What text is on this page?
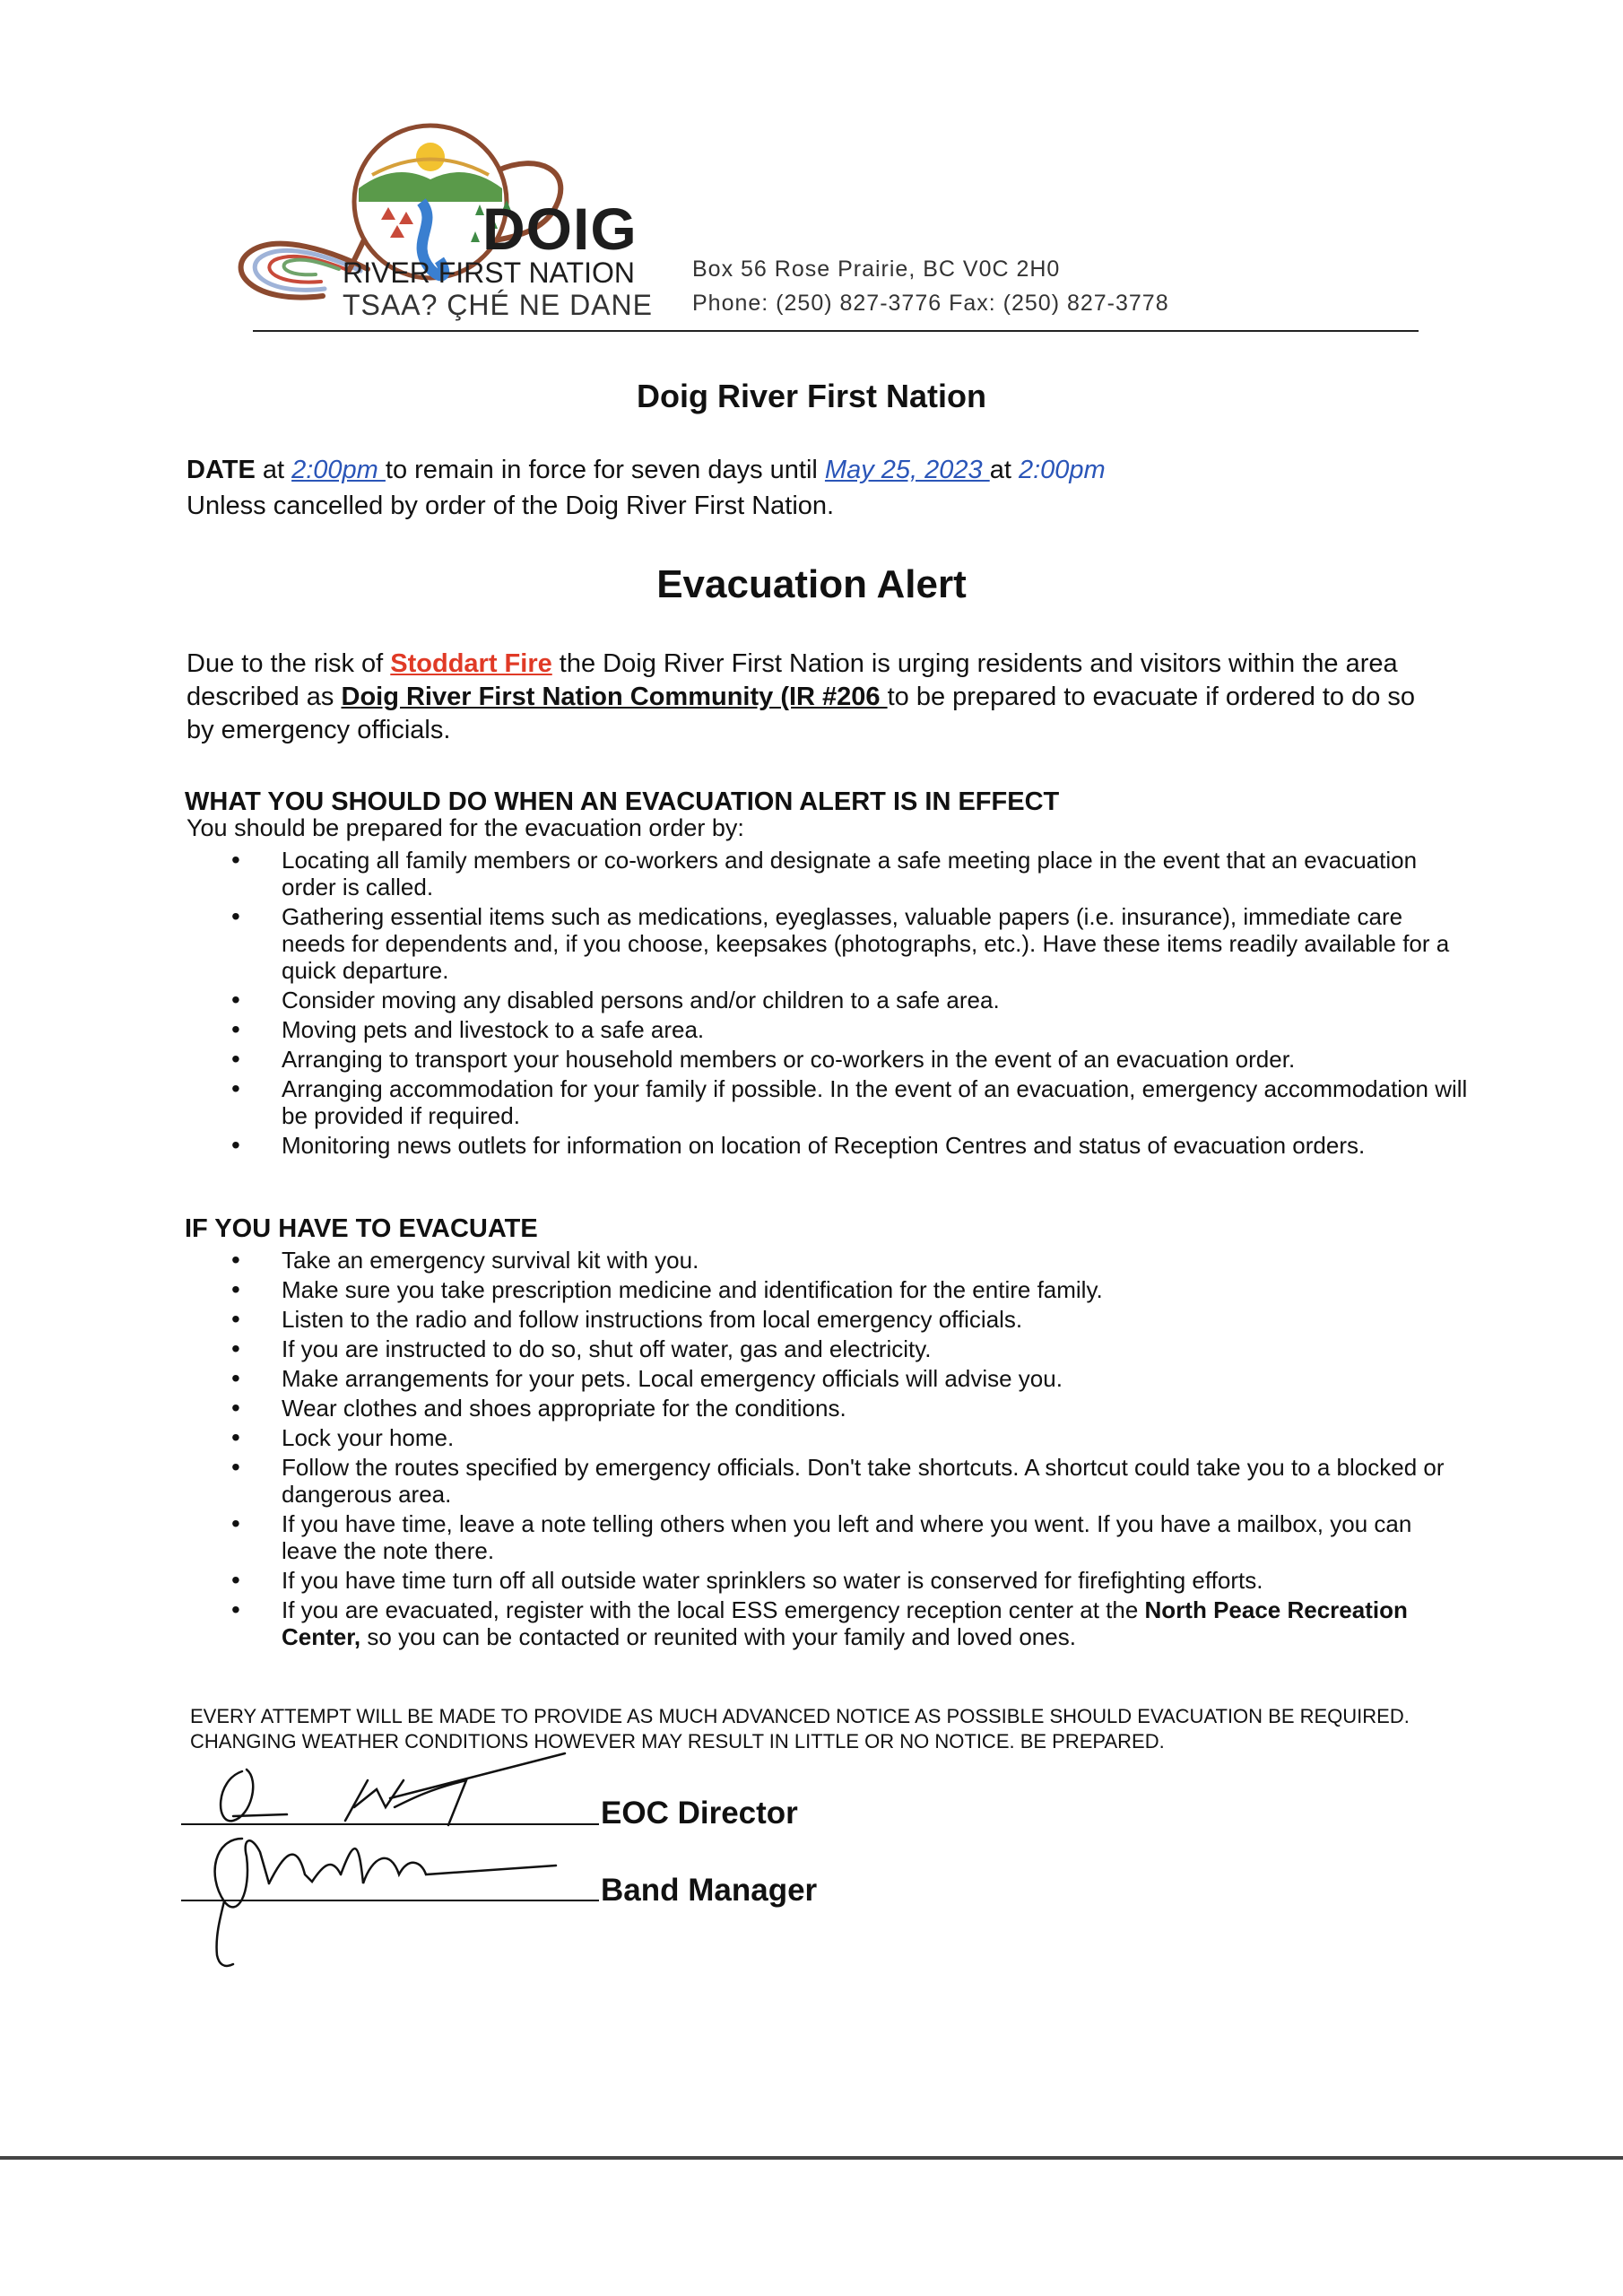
DOIG
RIVER FIRST NATION
TSAA? ÇHÉ NE DANE
Box 56 Rose Prairie, BC V0C 2H0
Phone: (250) 827-3776 Fax: (250) 827-3778
Doig River First Nation
DATE at 2:00pm to remain in force for seven days until May 25, 2023 at 2:00pm
Unless cancelled by order of the Doig River First Nation.
Evacuation Alert
Due to the risk of Stoddart Fire the Doig River First Nation is urging residents and visitors within the area described as Doig River First Nation Community (IR #206 to be prepared to evacuate if ordered to do so by emergency officials.
WHAT YOU SHOULD DO WHEN AN EVACUATION ALERT IS IN EFFECT
You should be prepared for the evacuation order by:
• Locating all family members or co-workers and designate a safe meeting place in the event that an evacuation order is called.
• Gathering essential items such as medications, eyeglasses, valuable papers (i.e. insurance), immediate care needs for dependents and, if you choose, keepsakes (photographs, etc.). Have these items readily available for a quick departure.
• Consider moving any disabled persons and/or children to a safe area.
• Moving pets and livestock to a safe area.
• Arranging to transport your household members or co-workers in the event of an evacuation order.
• Arranging accommodation for your family if possible. In the event of an evacuation, emergency accommodation will be provided if required.
• Monitoring news outlets for information on location of Reception Centres and status of evacuation orders.
IF YOU HAVE TO EVACUATE
• Take an emergency survival kit with you.
• Make sure you take prescription medicine and identification for the entire family.
• Listen to the radio and follow instructions from local emergency officials.
• If you are instructed to do so, shut off water, gas and electricity.
• Make arrangements for your pets. Local emergency officials will advise you.
• Wear clothes and shoes appropriate for the conditions.
• Lock your home.
• Follow the routes specified by emergency officials. Don't take shortcuts. A shortcut could take you to a blocked or dangerous area.
• If you have time, leave a note telling others when you left and where you went. If you have a mailbox, you can leave the note there.
• If you have time turn off all outside water sprinklers so water is conserved for firefighting efforts.
• If you are evacuated, register with the local ESS emergency reception center at the North Peace Recreation Center, so you can be contacted or reunited with your family and loved ones.
EVERY ATTEMPT WILL BE MADE TO PROVIDE AS MUCH ADVANCED NOTICE AS POSSIBLE SHOULD EVACUATION BE REQUIRED. CHANGING WEATHER CONDITIONS HOWEVER MAY RESULT IN LITTLE OR NO NOTICE. BE PREPARED.
EOC Director
Band Manager
